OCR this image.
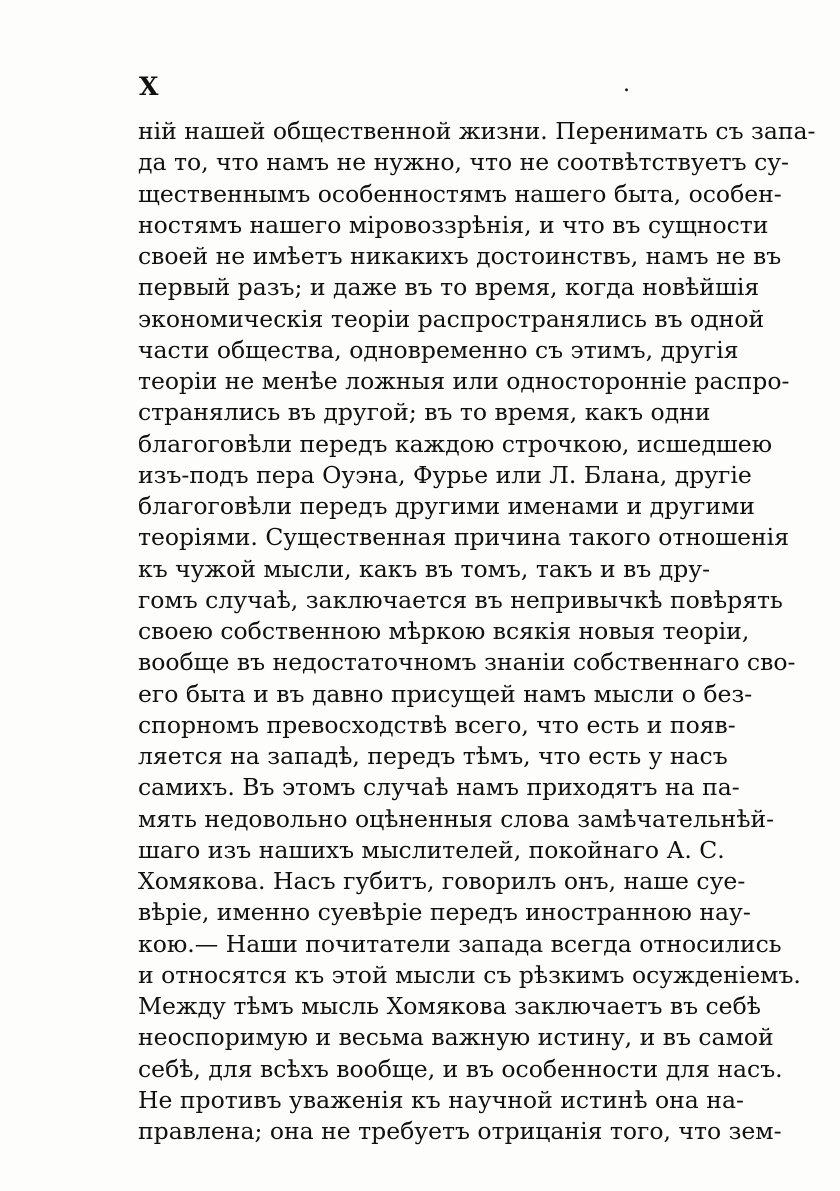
X	.
ній нашей общественной жизни. Перенимать съ запа-
да то, что намъ не нужно, что не соотвѣтствуетъ су-
щественнымъ особенностямъ нашего быта, особен-
ностямъ нашего міровоззрѣнія, и что въ сущности
своей не имѣетъ никакихъ достоинствъ, намъ не въ
первый разъ; и даже въ то время, когда новѣйшія
экономическія теоріи распространялись въ одной
части общества, одновременно съ этимъ, другія
теоріи не менѣе ложныя или односторонніе распро-
странялись въ другой; въ то время, какъ одни
благоговѣли передъ каждою строчкою, исшедшею
изъ-подъ пера Оуэна, Фурье или Л. Блана, другіе
благоговѣли передъ другими именами и другими
теоріями. Существенная причина такого отношенія
къ чужой мысли, какъ въ томъ, такъ и въ дру-
гомъ случаѣ, заключается въ непривычкѣ повѣрять
своею собственною мѣркою всякія новыя теоріи,
вообще въ недостаточномъ знаніи собственнаго сво-
его быта и въ давно присущей намъ мысли о без-
спорномъ превосходствѣ всего, что есть и появ-
ляется на западѣ, передъ тѣмъ, что есть у насъ
самихъ. Въ этомъ случаѣ намъ приходятъ на па-
мять недовольно оцѣненныя слова замѣчательнѣй-
шаго изъ нашихъ мыслителей, покойнаго А. С.
Хомякова. Насъ губитъ, говорилъ онъ, наше суе-
вѣріе, именно суевѣріе передъ иностранною нау-
кою.— Наши почитатели запада всегда относились
и относятся къ этой мысли съ рѣзкимъ осужденіемъ.
Между тѣмъ мысль Хомякова заключаетъ въ себѣ
неоспоримую и весьма важную истину, и въ самой
себѣ, для всѣхъ вообще, и въ особенности для насъ.
Не противъ уваженія къ научной истинѣ она на-
правлена; она не требуетъ отрицанія того, что зем-
